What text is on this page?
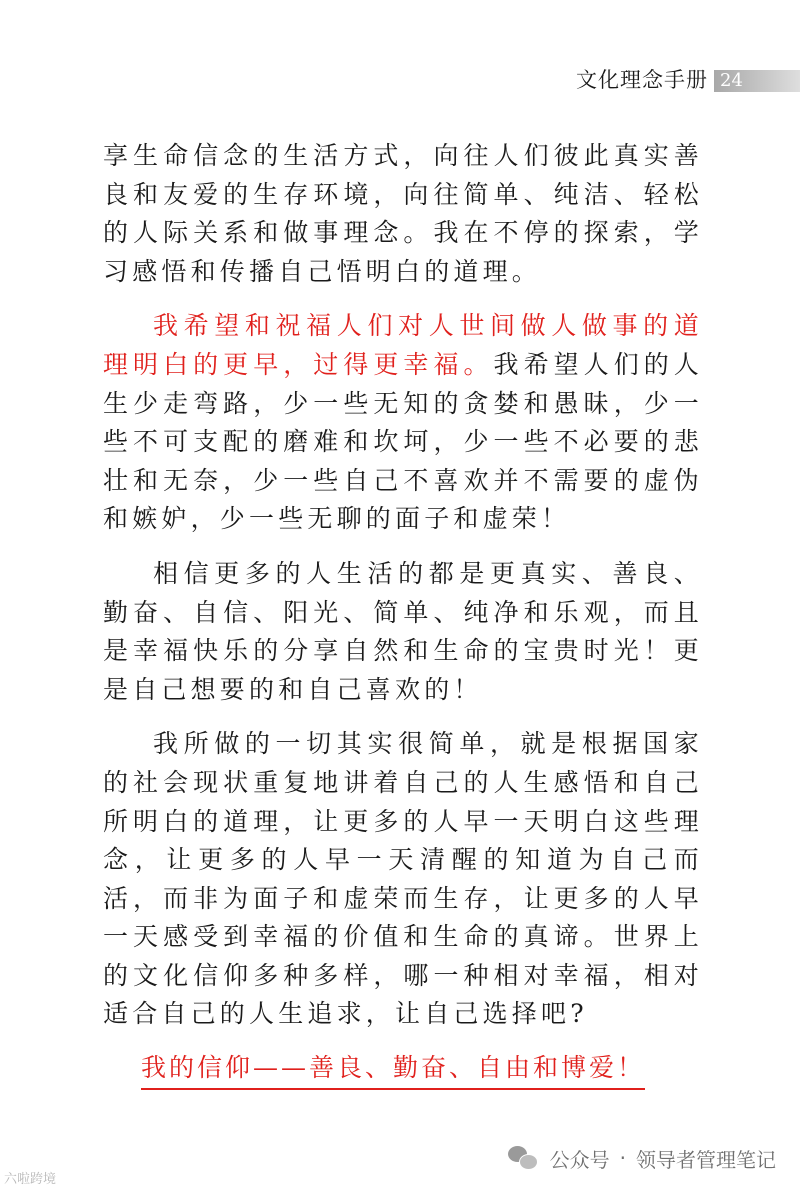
文化理念手册 24

享生命信念的生活方式，向往人们彼此真实善良和友爱的生存环境，向往简单、纯洁、轻松的人际关系和做事理念。我在不停的探索，学习感悟和传播自己悟明白的道理。

我希望和祝福人们对人世间做人做事的道理明白的更早，过得更幸福。我希望人们的人生少走弯路，少一些无知的贪婪和愚昧，少一些不可支配的磨难和坎坷，少一些不必要的悲壮和无奈，少一些自己不喜欢并不需要的虚伪和嫉妒，少一些无聊的面子和虚荣！

相信更多的人生活的都是更真实、善良、勤奋、自信、阳光、简单、纯净和乐观，而且是幸福快乐的分享自然和生命的宝贵时光！更是自己想要的和自己喜欢的！

我所做的一切其实很简单，就是根据国家的社会现状重复地讲着自己的人生感悟和自己所明白的道理，让更多的人早一天明白这些理念，让更多的人早一天清醒的知道为自己而活，而非为面子和虚荣而生存，让更多的人早一天感受到幸福的价值和生命的真谛。世界上的文化信仰多种多样，哪一种相对幸福，相对适合自己的人生追求，让自己选择吧?

我的信仰——善良、勤奋、自由和博爱！
六啦跨境
公众号 · 领导者管理笔记
